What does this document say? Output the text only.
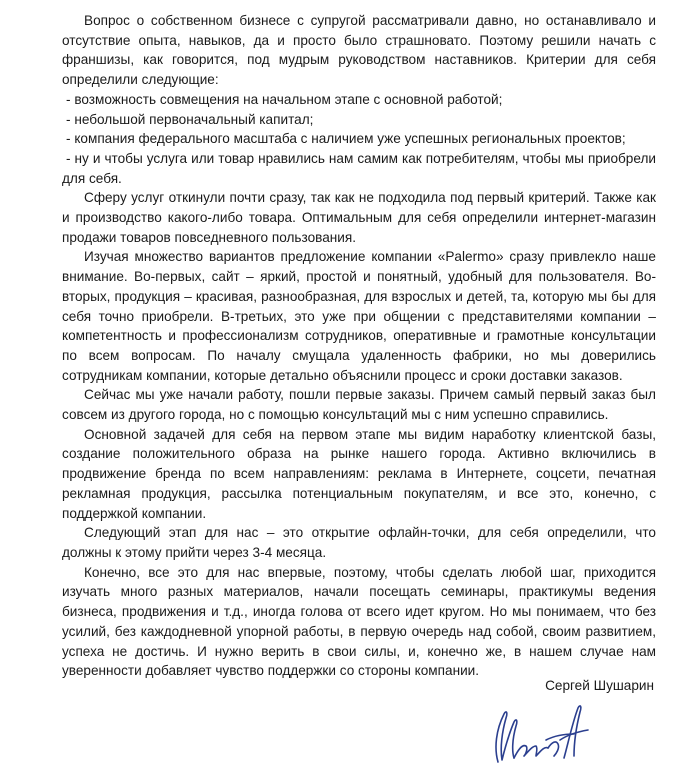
Вопрос о собственном бизнесе с супругой рассматривали давно, но останавливало и отсутствие опыта, навыков, да и просто было страшновато. Поэтому решили начать с франшизы, как говорится, под мудрым руководством наставников. Критерии для себя определили следующие:

- возможность совмещения на начальном этапе с основной работой;
- небольшой первоначальный капитал;
- компания федерального масштаба с наличием уже успешных региональных проектов;
- ну и чтобы услуга или товар нравились нам самим как потребителям, чтобы мы приобрели для себя.

Сферу услуг откинули почти сразу, так как не подходила под первый критерий. Также как и производство какого-либо товара. Оптимальным для себя определили интернет-магазин продажи товаров повседневного пользования.

Изучая множество вариантов предложение компании «Palermo» сразу привлекло наше внимание. Во-первых, сайт – яркий, простой и понятный, удобный для пользователя. Во-вторых, продукция – красивая, разнообразная, для взрослых и детей, та, которую мы бы для себя точно приобрели. В-третьих, это уже при общении с представителями компании – компетентность и профессионализм сотрудников, оперативные и грамотные консультации по всем вопросам. По началу смущала удаленность фабрики, но мы доверились сотрудникам компании, которые детально объяснили процесс и сроки доставки заказов.

Сейчас мы уже начали работу, пошли первые заказы. Причем самый первый заказ был совсем из другого города, но с помощью консультаций мы с ним успешно справились.

Основной задачей для себя на первом этапе мы видим наработку клиентской базы, создание положительного образа на рынке нашего города. Активно включились в продвижение бренда по всем направлениям: реклама в Интернете, соцсети, печатная рекламная продукция, рассылка потенциальным покупателям, и все это, конечно, с поддержкой компании.

Следующий этап для нас – это открытие офлайн-точки, для себя определили, что должны к этому прийти через 3-4 месяца.

Конечно, все это для нас впервые, поэтому, чтобы сделать любой шаг, приходится изучать много разных материалов, начали посещать семинары, практикумы ведения бизнеса, продвижения и т.д., иногда голова от всего идет кругом. Но мы понимаем, что без усилий, без каждодневной упорной работы, в первую очередь над собой, своим развитием, успеха не достичь. И нужно верить в свои силы, и, конечно же, в нашем случае нам уверенности добавляет чувство поддержки со стороны компании.

Сергей Шушарин
